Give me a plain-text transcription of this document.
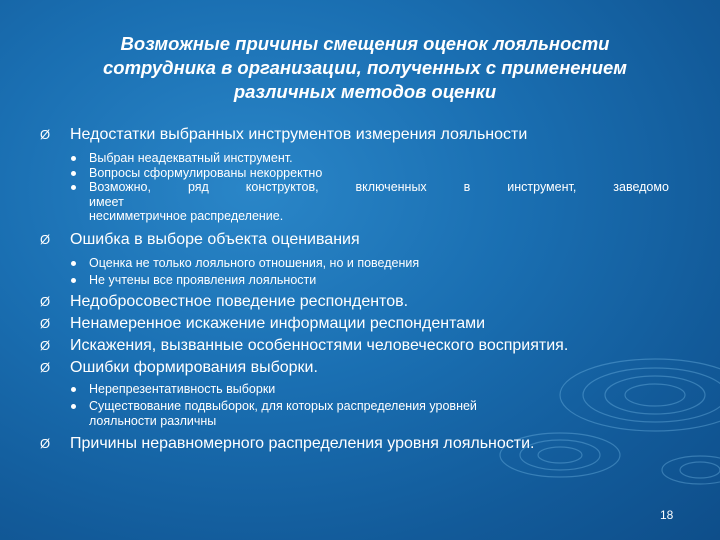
Возможные причины смещения оценок лояльности
сотрудника в организации, полученных с применением
различных методов оценки
Ø Недостатки выбранных инструментов измерения лояльности
Выбран неадекватный инструмент.
Вопросы сформулированы некорректно
Возможно,	ряд	конструктов,	включенных	в	инструмент,	заведомо
имеет
несимметричное распределение.
Ø Ошибка в выборе объекта оценивания
Оценка не только лояльного отношения, но и поведения
Не учтены все проявления лояльности
Ø Недобросовестное поведение респондентов.
Ø Ненамеренное искажение информации респондентами
Ø Искажения, вызванные особенностями человеческого восприятия.
Ø Ошибки формирования выборки.
Нерепрезентативность выборки
Существование подвыборок, для которых распределения уровней
лояльности различны
Ø Причины неравномерного распределения уровня лояльности.
18
